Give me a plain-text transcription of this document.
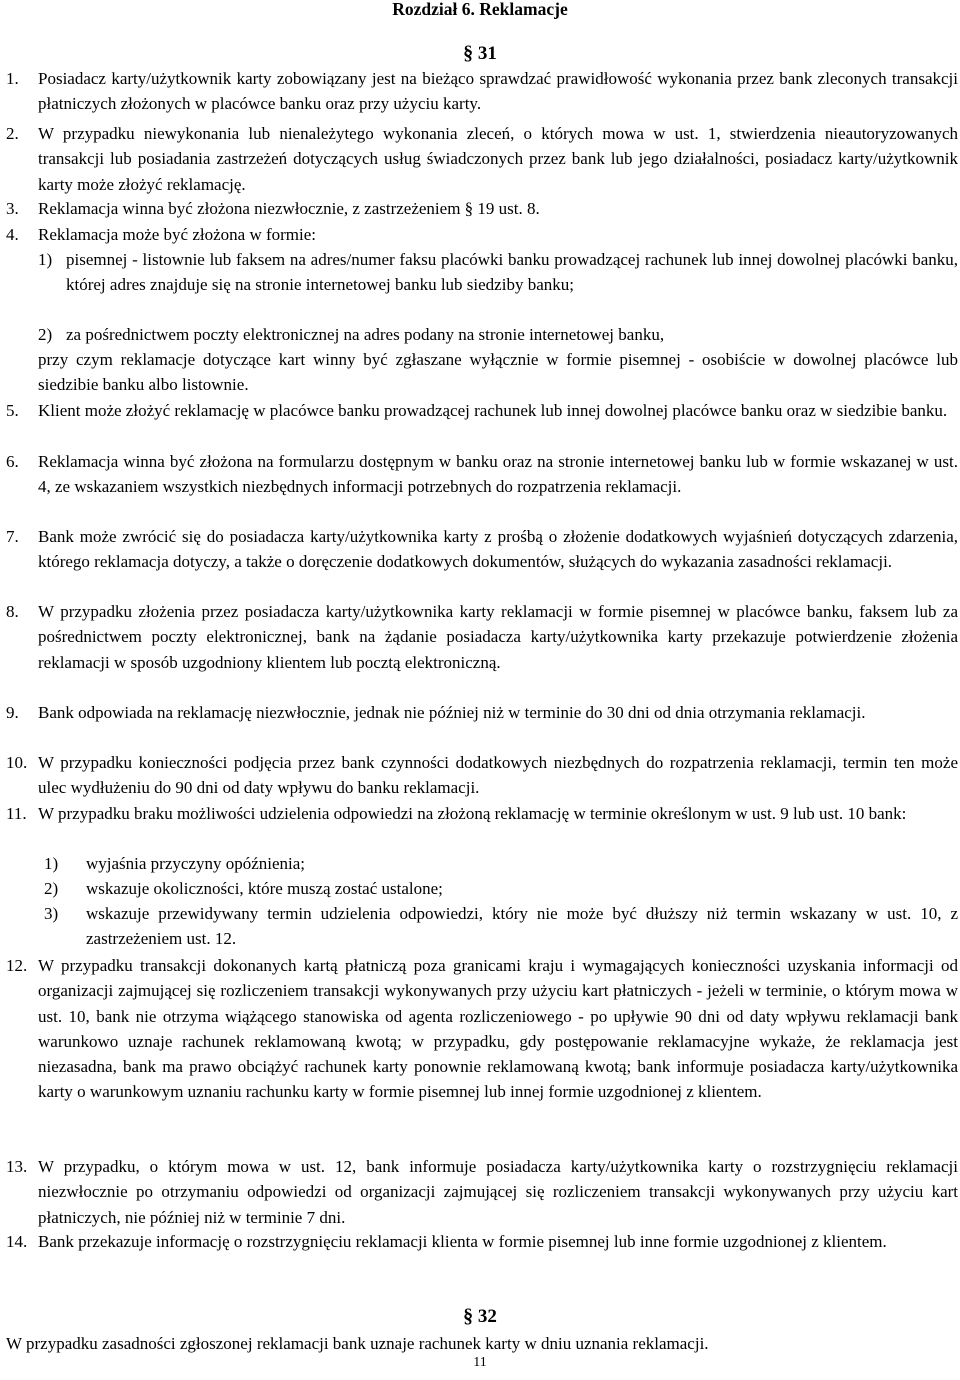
Rozdział 6. Reklamacje
§ 31
1. Posiadacz karty/użytkownik karty zobowiązany jest na bieżąco sprawdzać prawidłowość wykonania przez bank zleconych transakcji płatniczych złożonych w placówce banku oraz przy użyciu karty.
2. W przypadku niewykonania lub nienależytego wykonania zleceń, o których mowa w ust. 1, stwierdzenia nieautoryzowanych transakcji lub posiadania zastrzeżeń dotyczących usług świadczonych przez bank lub jego działalności, posiadacz karty/użytkownik karty może złożyć reklamację.
3. Reklamacja winna być złożona niezwłocznie, z zastrzeżeniem § 19 ust. 8.
4. Reklamacja może być złożona w formie:
1) pisemnej - listownie lub faksem na adres/numer faksu placówki banku prowadzącej rachunek lub innej dowolnej placówki banku, której adres znajduje się na stronie internetowej banku lub siedziby banku;
2) za pośrednictwem poczty elektronicznej na adres podany na stronie internetowej banku,
przy czym reklamacje dotyczące kart winny być zgłaszane wyłącznie w formie pisemnej - osobiście w dowolnej placówce lub siedzibie banku albo listownie.
5. Klient może złożyć reklamację w placówce banku prowadzącej rachunek lub innej dowolnej placówce banku oraz w siedzibie banku.
6. Reklamacja winna być złożona na formularzu dostępnym w banku oraz na stronie internetowej banku lub w formie wskazanej w ust. 4, ze wskazaniem wszystkich niezbędnych informacji potrzebnych do rozpatrzenia reklamacji.
7. Bank może zwrócić się do posiadacza karty/użytkownika karty z prośbą o złożenie dodatkowych wyjaśnień dotyczących zdarzenia, którego reklamacja dotyczy, a także o doręczenie dodatkowych dokumentów, służących do wykazania zasadności reklamacji.
8. W przypadku złożenia przez posiadacza karty/użytkownika karty reklamacji w formie pisemnej w placówce banku, faksem lub za pośrednictwem poczty elektronicznej, bank na żądanie posiadacza karty/użytkownika karty przekazuje potwierdzenie złożenia reklamacji w sposób uzgodniony klientem lub pocztą elektroniczną.
9. Bank odpowiada na reklamację niezwłocznie, jednak nie później niż w terminie do 30 dni od dnia otrzymania reklamacji.
10. W przypadku konieczności podjęcia przez bank czynności dodatkowych niezbędnych do rozpatrzenia reklamacji, termin ten może ulec wydłużeniu do 90 dni od daty wpływu do banku reklamacji.
11. W przypadku braku możliwości udzielenia odpowiedzi na złożoną reklamację w terminie określonym w ust. 9 lub ust. 10 bank:
1) wyjaśnia przyczyny opóźnienia;
2) wskazuje okoliczności, które muszą zostać ustalone;
3) wskazuje przewidywany termin udzielenia odpowiedzi, który nie może być dłuższy niż termin wskazany w ust. 10, z zastrzeżeniem ust. 12.
12. W przypadku transakcji dokonanych kartą płatniczą poza granicami kraju i wymagających konieczności uzyskania informacji od organizacji zajmującej się rozliczeniem transakcji wykonywanych przy użyciu kart płatniczych - jeżeli w terminie, o którym mowa w ust. 10, bank nie otrzyma wiążącego stanowiska od agenta rozliczeniowego - po upływie 90 dni od daty wpływu reklamacji bank warunkowo uznaje rachunek reklamowaną kwotą; w przypadku, gdy postępowanie reklamacyjne wykaże, że reklamacja jest niezasadna, bank ma prawo obciążyć rachunek karty ponownie reklamowaną kwotą; bank informuje posiadacza karty/użytkownika karty o warunkowym uznaniu rachunku karty w formie pisemnej lub innej formie uzgodnionej z klientem.
13. W przypadku, o którym mowa w ust. 12, bank informuje posiadacza karty/użytkownika karty o rozstrzygnięciu reklamacji niezwłocznie po otrzymaniu odpowiedzi od organizacji zajmującej się rozliczeniem transakcji wykonywanych przy użyciu kart płatniczych, nie później niż w terminie 7 dni.
14. Bank przekazuje informację o rozstrzygnięciu reklamacji klienta w formie pisemnej lub inne formie uzgodnionej z klientem.
§ 32
W przypadku zasadności zgłoszonej reklamacji bank uznaje rachunek karty w dniu uznania reklamacji.
11
